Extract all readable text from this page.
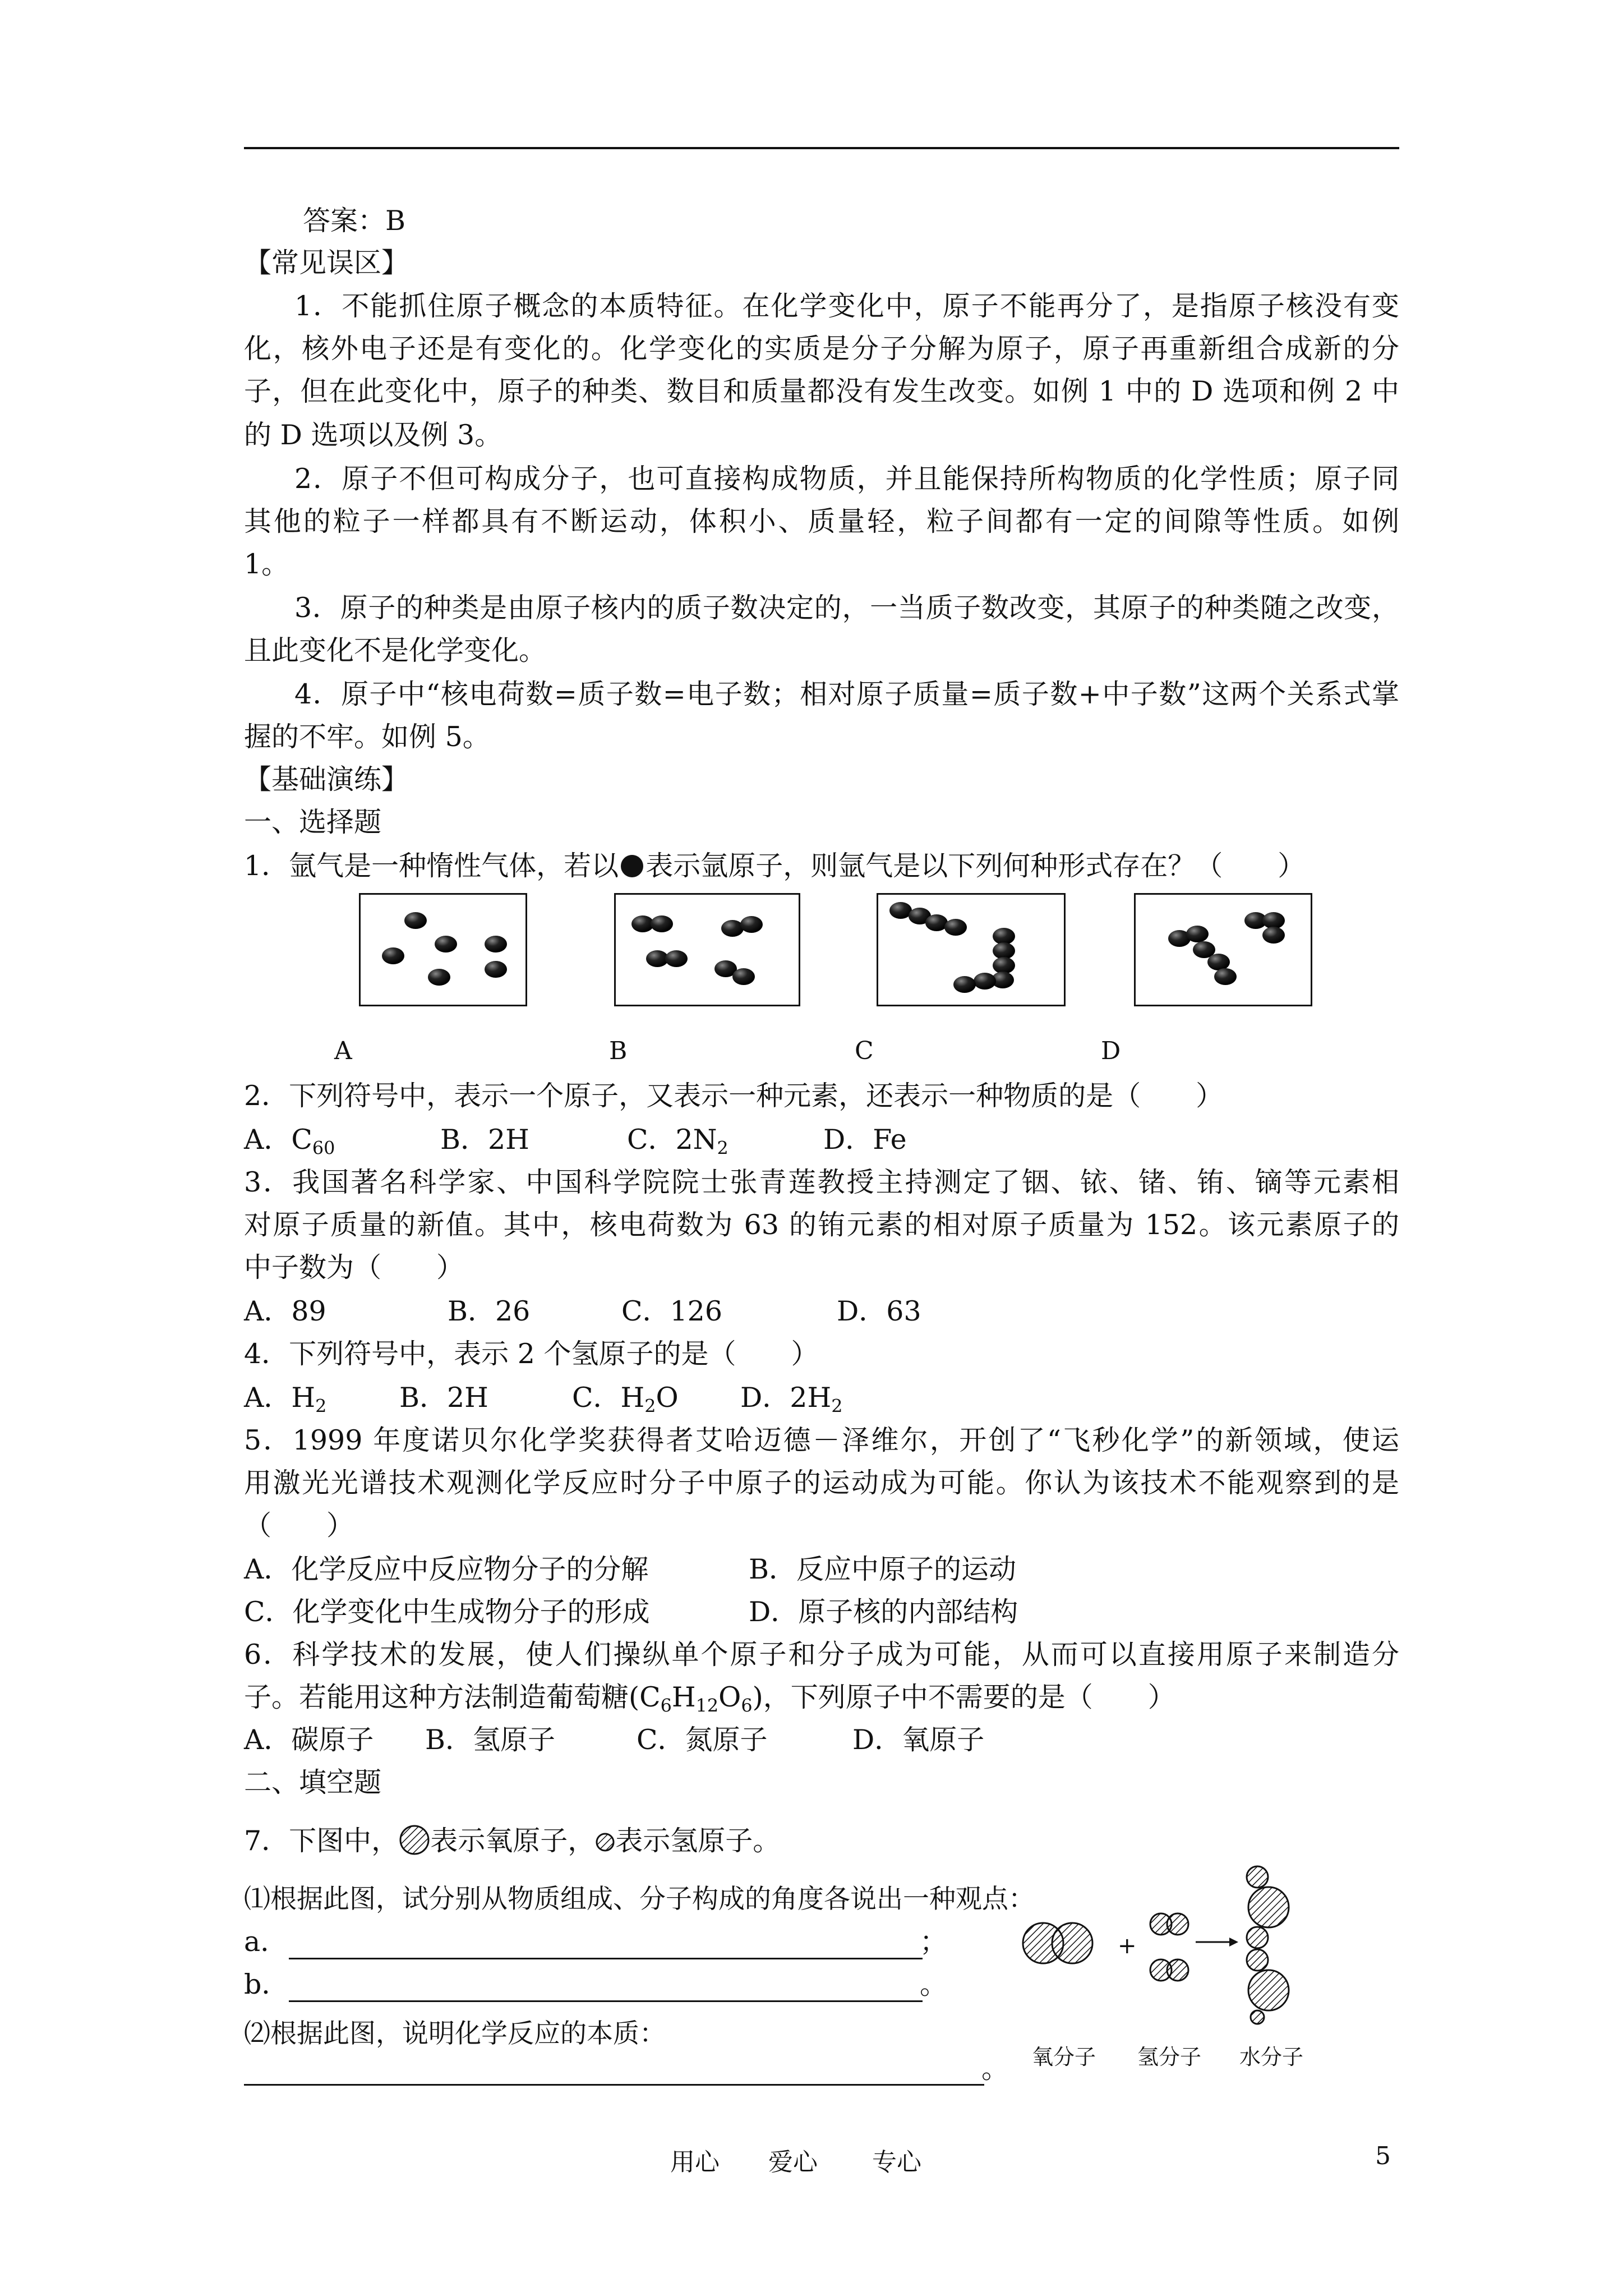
答案：B
【常见误区】
1．不能抓住原子概念的本质特征。在化学变化中，原子不能再分了，是指原子核没有变
化，核外电子还是有变化的。化学变化的实质是分子分解为原子，原子再重新组合成新的分
子，但在此变化中，原子的种类、数目和质量都没有发生改变。如例 1 中的 D 选项和例 2 中
的 D 选项以及例 3。
2．原子不但可构成分子，也可直接构成物质，并且能保持所构物质的化学性质；原子同
其他的粒子一样都具有不断运动，体积小、质量轻，粒子间都有一定的间隙等性质。如例
1。
3．原子的种类是由原子核内的质子数决定的，一当质子数改变，其原子的种类随之改变，
且此变化不是化学变化。
4．原子中“核电荷数=质子数=电子数；相对原子质量=质子数+中子数”这两个关系式掌
握的不牢。如例 5。
【基础演练】
一、选择题
1．氩气是一种惰性气体，若以 表示氩原子，则氩气是以下列何种形式存在？（　　）
A	B	C	D
2．下列符号中，表示一个原子，又表示一种元素，还表示一种物质的是（　　）
A．$C_{60}$	B．2H	C．$2N_2$	D．Fe
3．我国著名科学家、中国科学院院士张青莲教授主持测定了铟、铱、锗、铕、镝等元素相
对原子质量的新值。其中，核电荷数为 63 的铕元素的相对原子质量为 152。该元素原子的
中子数为（　　）
A．89	B．26	C．126	D．63
4．下列符号中，表示 2 个氢原子的是（　　）
A．$H_2$	B．2H	C．$H_2O$ D．$2H_2$
5．1999 年度诺贝尔化学奖获得者艾哈迈德－泽维尔，开创了“飞秒化学”的新领域，使运
用激光光谱技术观测化学反应时分子中原子的运动成为可能。你认为该技术不能观察到的是
（　　）
A．化学反应中反应物分子的分解	B．反应中原子的运动
C．化学变化中生成物分子的形成	D．原子核的内部结构
6．科学技术的发展，使人们操纵单个原子和分子成为可能，从而可以直接用原子来制造分
子。若能用这种方法制造葡萄糖$(C_6H_{12}O_6)$，下列原子中不需要的是（　　）
A．碳原子 B．氢原子	C．氮原子	D．氧原子
二、填空题
7．下图中， 表示氧原子， 表示氢原子。
⑴根据此图，试分别从物质组成、分子构成的角度各说出一种观点：
a．	；
b．	。
⑵根据此图，说明化学反应的本质：
。
+
氧分子 氢分子 水分子
用心 爱心 专心	5
